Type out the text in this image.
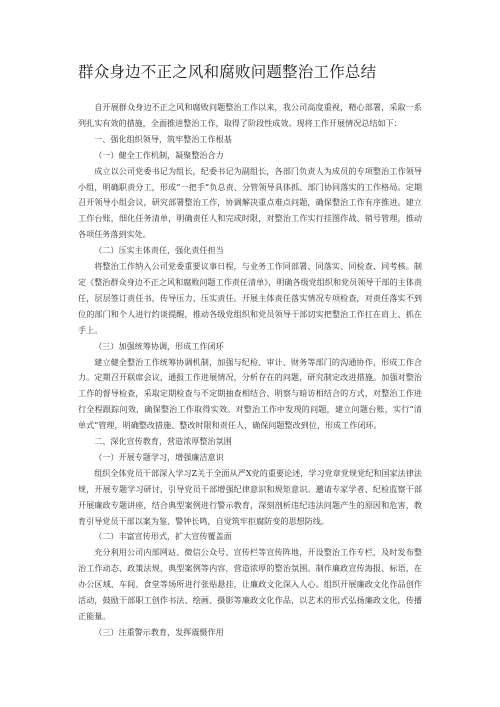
群众身边不正之风和腐败问题整治工作总结

自开展群众身边不正之风和腐败问题整治工作以来，我公司高度重视，精心部署，采取一系列扎实有效的措施，全面推进整治工作，取得了阶段性成效。现将工作开展情况总结如下：

一、强化组织领导，筑牢整治工作根基

（一）健全工作机制，凝聚整治合力

成立以公司党委书记为组长，纪委书记为副组长，各部门负责人为成员的专项整治工作领导小组，明确职责分工，形成“一把手”负总责、分管领导具体抓、部门协同落实的工作格局。定期召开领导小组会议，研究部署整治工作，协调解决重点难点问题，确保整治工作有序推进。建立工作台账，细化任务清单，明确责任人和完成时限，对整治工作实行挂图作战、销号管理，推动各项任务落到实处。

（二）压实主体责任，强化责任担当

将整治工作纳入公司党委重要议事日程，与业务工作同部署、同落实、同检查、同考核。制定《整治群众身边不正之风和腐败问题工作责任清单》，明确各级党组织和党员领导干部的主体责任，层层签订责任书，传导压力、压实责任。开展主体责任落实情况专项检查，对责任落实不到位的部门和个人进行约谈提醒，推动各级党组织和党员领导干部切实把整治工作扛在肩上、抓在手上。

（三）加强统筹协调，形成工作闭环

建立健全整治工作统筹协调机制，加强与纪检、审计、财务等部门的沟通协作，形成工作合力。定期召开联席会议，通报工作进展情况，分析存在的问题，研究制定改进措施。加强对整治工作的督导检查，采取定期检查与不定期抽查相结合、明察与暗访相结合的方式，对整治工作进行全程跟踪问效，确保整治工作取得实效。对整治工作中发现的问题，建立问题台账，实行“清单式”管理，明确整改措施、整改时限和责任人，确保问题整改到位，形成工作闭环。

二、深化宣传教育，营造浓厚整治氛围

（一）开展专题学习，增强廉洁意识

组织全体党员干部深入学习Z关于全面从严X党的重要论述，学习党章党规党纪和国家法律法规，开展专题学习研讨，引导党员干部增强纪律意识和规矩意识。邀请专家学者、纪检监察干部开展廉政专题讲座，结合典型案例进行警示教育，深刻剖析违纪违法问题产生的原因和危害，教育引导党员干部以案为鉴、警钟长鸣，自觉筑牢拒腐防变的思想防线。

（二）丰富宣传形式，扩大宣传覆盖面

充分利用公司内部网站、微信公众号、宣传栏等宣传阵地，开设整治工作专栏，及时发布整治工作动态、政策法规、典型案例等内容，营造浓厚的整治氛围。制作廉政宣传海报、标语，在办公区域、车间、食堂等场所进行张贴悬挂，让廉政文化深入人心。组织开展廉政文化作品创作活动，鼓励干部职工创作书法、绘画、摄影等廉政文化作品，以艺术的形式弘扬廉政文化，传播正能量。

（三）注重警示教育，发挥震慑作用
